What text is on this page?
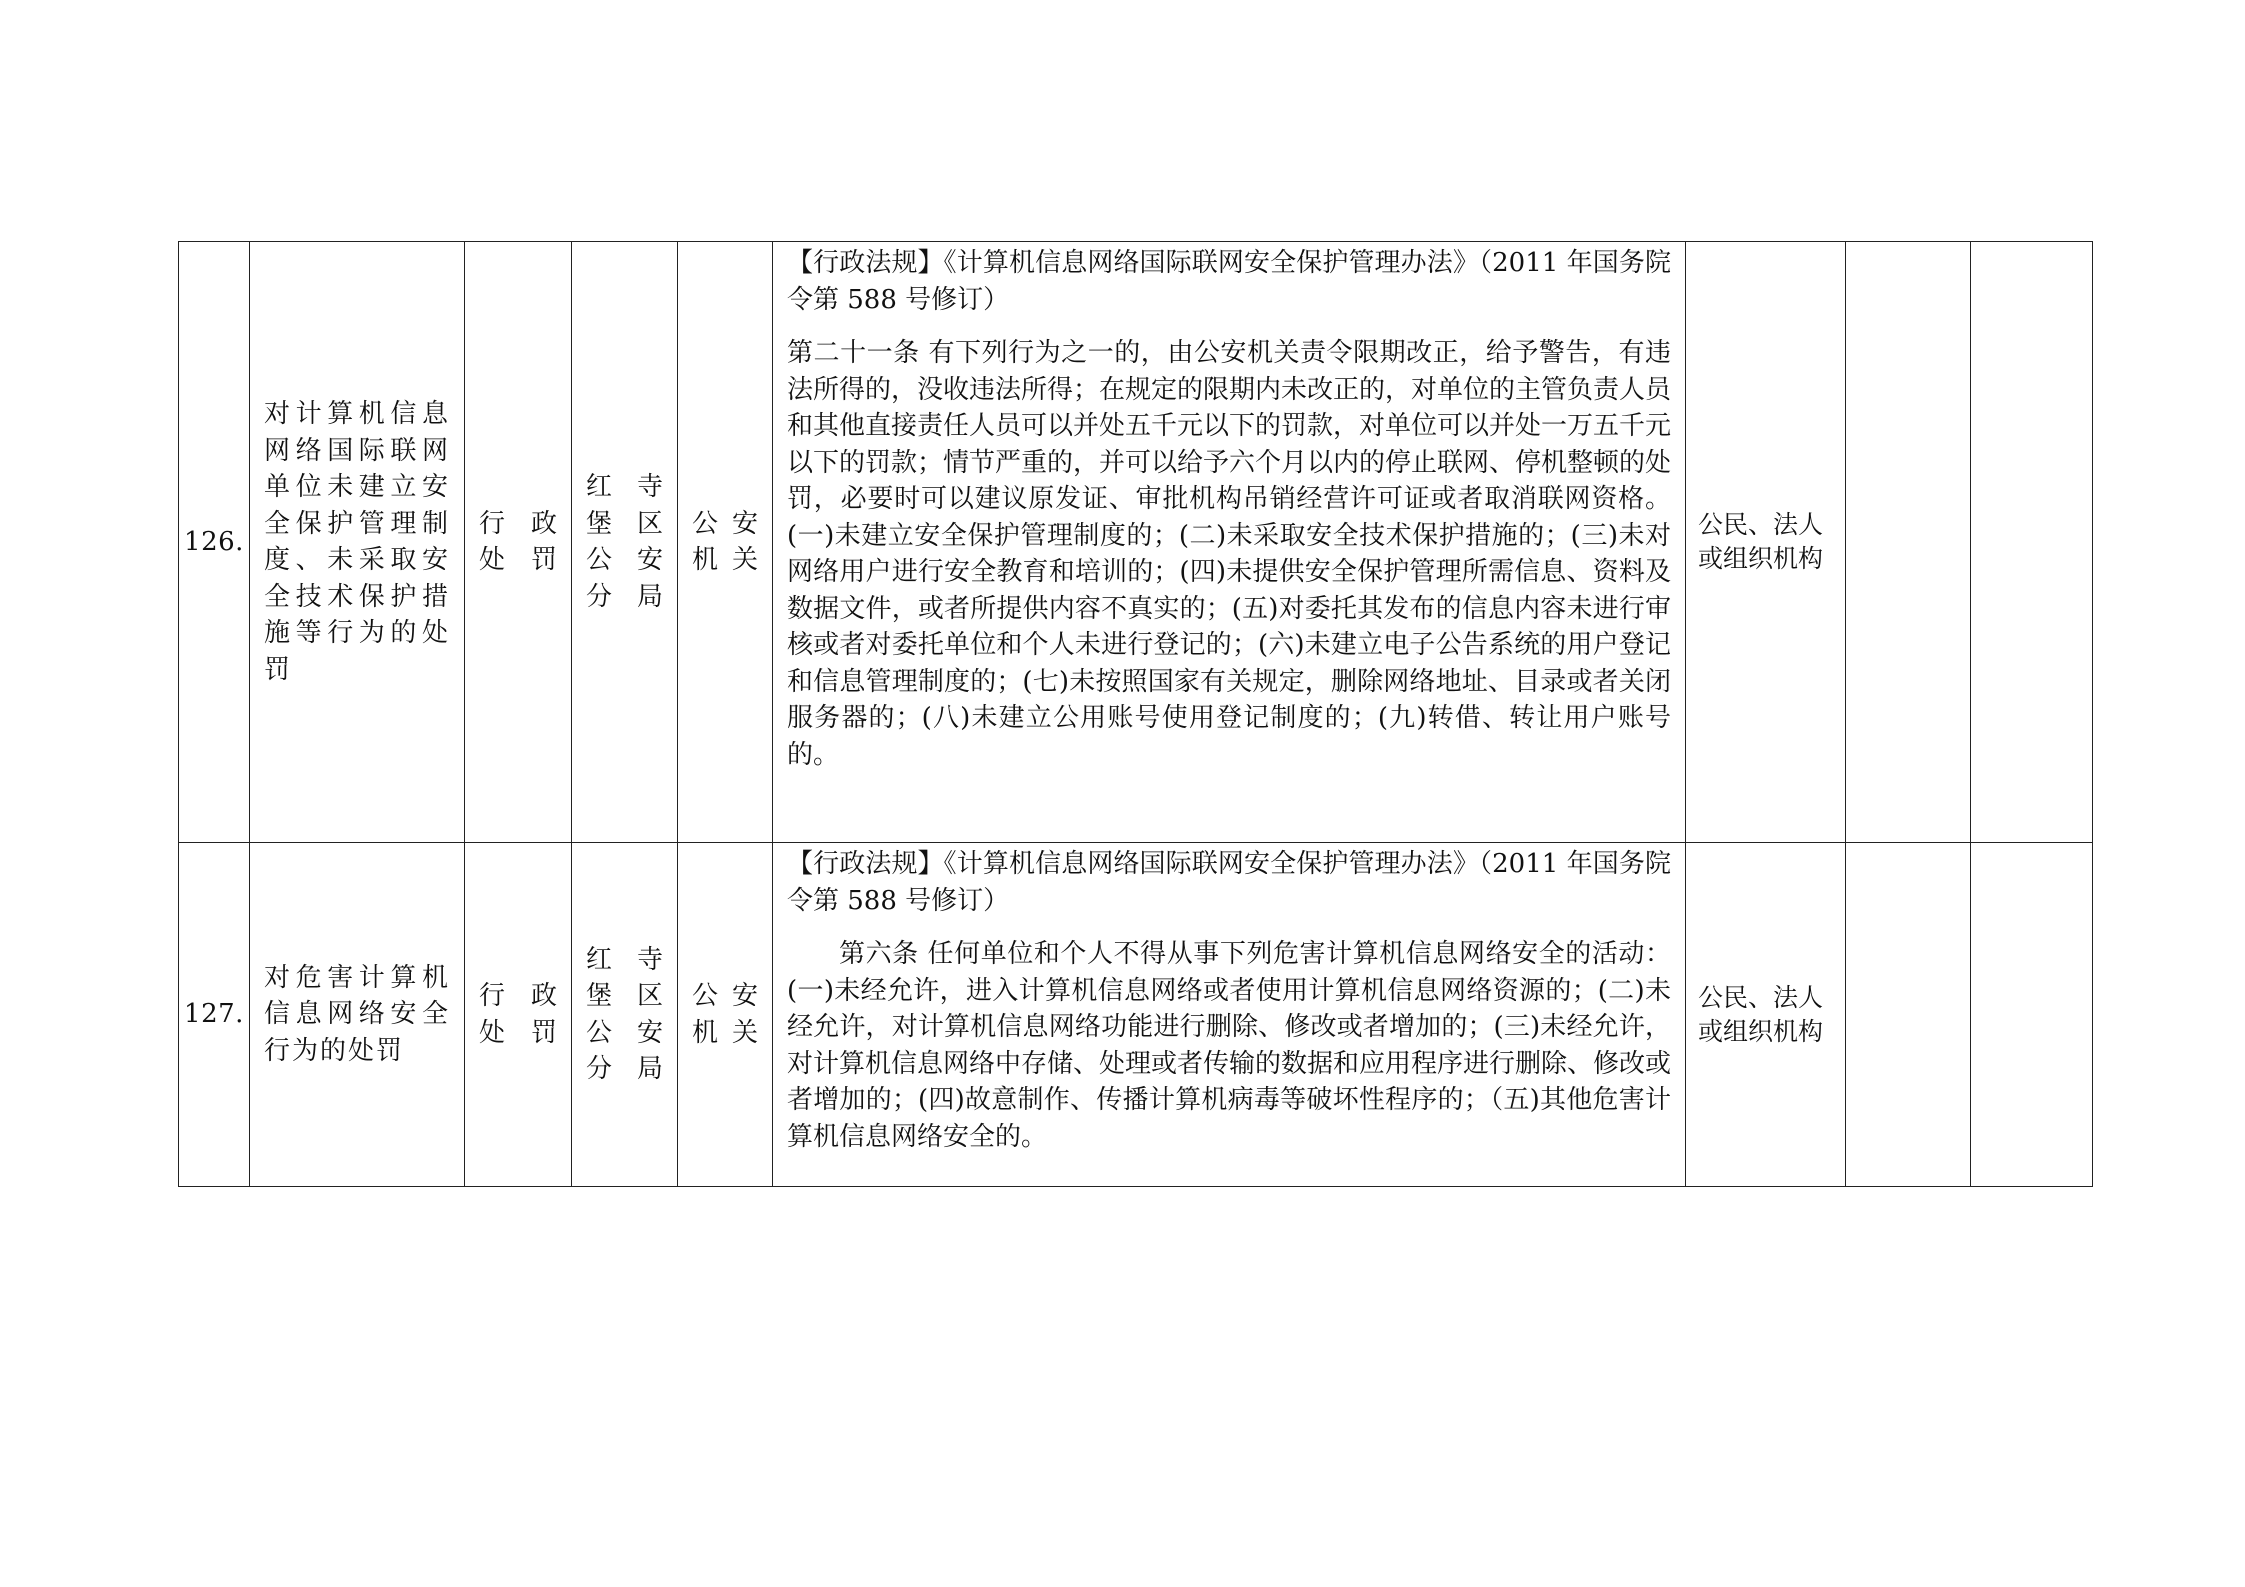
126.	对计算机信息网络国际联网单位未建立安全保护管理制度、未采取安全技术保护措施等行为的处罚	行 政 处罚	红 寺 堡 区 公 安 分局	公 安 机关	【行政法规】《计算机信息网络国际联网安全保护管理办法》（2011 年国务院令第 588 号修订）

第二十一条 有下列行为之一的，由公安机关责令限期改正，给予警告，有违法所得的，没收违法所得；在规定的限期内未改正的，对单位的主管负责人员和其他直接责任人员可以并处五千元以下的罚款，对单位可以并处一万五千元以下的罚款；情节严重的，并可以给予六个月以内的停止联网、停机整顿的处罚，必要时可以建议原发证、审批机构吊销经营许可证或者取消联网资格。(一)未建立安全保护管理制度的；(二)未采取安全技术保护措施的；(三)未对网络用户进行安全教育和培训的；(四)未提供安全保护管理所需信息、资料及数据文件，或者所提供内容不真实的；(五)对委托其发布的信息内容未进行审核或者对委托单位和个人未进行登记的；(六)未建立电子公告系统的用户登记和信息管理制度的；(七)未按照国家有关规定，删除网络地址、目录或者关闭服务器的；(八)未建立公用账号使用登记制度的；(九)转借、转让用户账号的。	公民、法人或组织机构		
127.	对危害计算机信息网络安全行为的处罚	行政 处罚	红 寺 堡 区 公 安 分局	公 安 机关	【行政法规】《计算机信息网络国际联网安全保护管理办法》（2011 年国务院令第 588 号修订）

第六条 任何单位和个人不得从事下列危害计算机信息网络安全的活动：(一)未经允许，进入计算机信息网络或者使用计算机信息网络资源的；(二)未经允许，对计算机信息网络功能进行删除、修改或者增加的；(三)未经允许，对计算机信息网络中存储、处理或者传输的数据和应用程序进行删除、修改或者增加的；(四)故意制作、传播计算机病毒等破坏性程序的；（五)其他危害计算机信息网络安全的。	公民、法人或组织机构		
